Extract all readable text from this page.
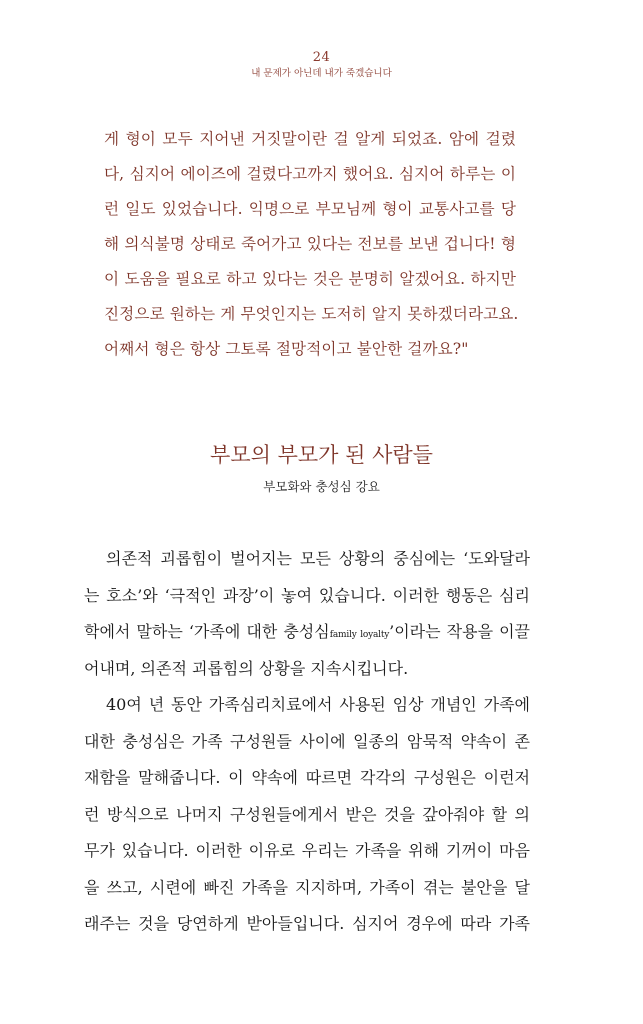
24
내 문제가 아닌데 내가 죽겠습니다
게 형이 모두 지어낸 거짓말이란 걸 알게 되었죠. 암에 걸렸
다, 심지어 에이즈에 걸렸다고까지 했어요. 심지어 하루는 이
런 일도 있었습니다. 익명으로 부모님께 형이 교통사고를 당
해 의식불명 상태로 죽어가고 있다는 전보를 보낸 겁니다! 형
이 도움을 필요로 하고 있다는 것은 분명히 알겠어요. 하지만
진정으로 원하는 게 무엇인지는 도저히 알지 못하겠더라고요.
어째서 형은 항상 그토록 절망적이고 불안한 걸까요?"
부모의 부모가 된 사람들
부모화와 충성심 강요
의존적 괴롭힘이 벌어지는 모든 상황의 중심에는 ‘도와달라
는 호소’와 ‘극적인 과장’이 놓여 있습니다. 이러한 행동은 심리
학에서 말하는 ‘가족에 대한 충성심family loyalty’이라는 작용을 이끌
어내며, 의존적 괴롭힘의 상황을 지속시킵니다.
40여 년 동안 가족심리치료에서 사용된 임상 개념인 가족에
대한 충성심은 가족 구성원들 사이에 일종의 암묵적 약속이 존
재함을 말해줍니다. 이 약속에 따르면 각각의 구성원은 이런저
런 방식으로 나머지 구성원들에게서 받은 것을 갚아줘야 할 의
무가 있습니다. 이러한 이유로 우리는 가족을 위해 기꺼이 마음
을 쓰고, 시련에 빠진 가족을 지지하며, 가족이 겪는 불안을 달
래주는 것을 당연하게 받아들입니다. 심지어 경우에 따라 가족
